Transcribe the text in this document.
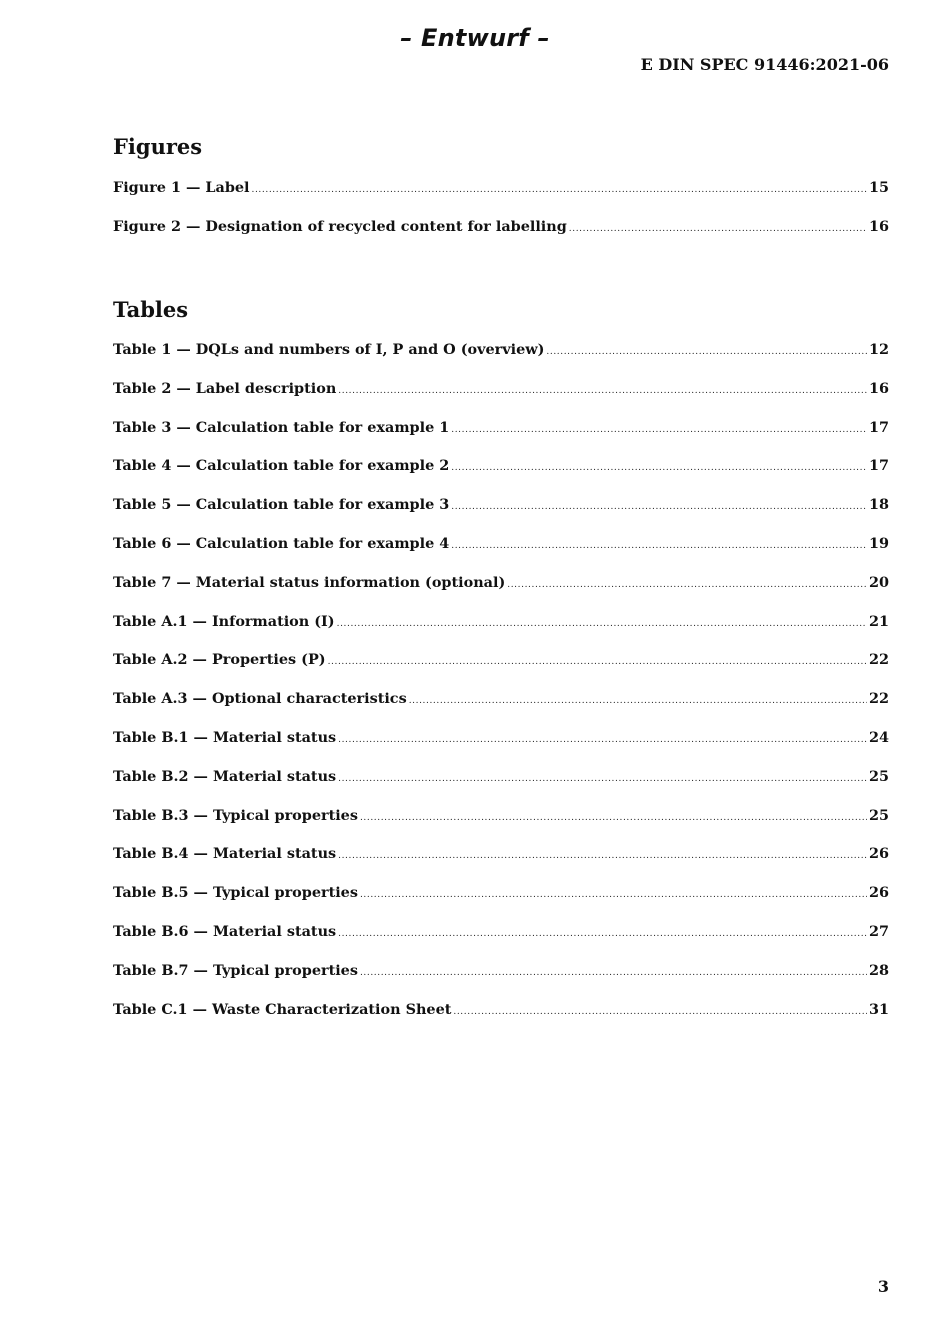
– Entwurf –
E DIN SPEC 91446:2021-06
Figures
Figure 1 — Label .....	15
Figure 2 — Designation of recycled content for labelling .....	16
Tables
Table 1 — DQLs and numbers of I, P and O (overview) .....	12
Table 2 — Label description .....	16
Table 3 — Calculation table for example 1 .....	17
Table 4 — Calculation table for example 2 .....	17
Table 5 — Calculation table for example 3 .....	18
Table 6 — Calculation table for example 4 .....	19
Table 7 — Material status information (optional) .....	20
Table A.1 — Information (I) .....	21
Table A.2 — Properties (P) .....	22
Table A.3 — Optional characteristics .....	22
Table B.1 — Material status .....	24
Table B.2 — Material status .....	25
Table B.3 — Typical properties .....	25
Table B.4 — Material status .....	26
Table B.5 — Typical properties .....	26
Table B.6 — Material status .....	27
Table B.7 — Typical properties .....	28
Table C.1 — Waste Characterization Sheet .....	31
3
